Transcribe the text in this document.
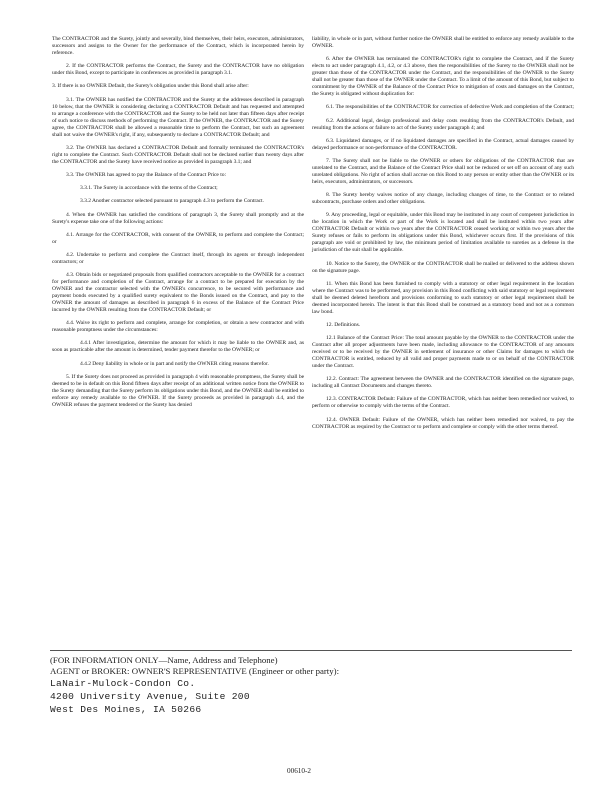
The CONTRACTOR and the Surety, jointly and severally, bind themselves, their heirs, executors, administrators, successors and assigns to the Owner for the performance of the Contract, which is incorporated herein by reference.

2. If the CONTRACTOR performs the Contract, the Surety and the CONTRACTOR have no obligation under this Bond, except to participate in conferences as provided in paragraph 3.1.

3. If there is no OWNER Default, the Surety's obligation under this Bond shall arise after:

3.1. The OWNER has notified the CONTRACTOR and the Surety at the addresses described in paragraph 10 below, that the OWNER is considering declaring a CONTRACTOR Default and has requested and attempted to arrange a conference with the CONTRACTOR and the Surety to be held not later than fifteen days after receipt of such notice to discuss methods of performing the Contract. If the OWNER, the CONTRACTOR and the Surety agree, the CONTRACTOR shall be allowed a reasonable time to perform the Contract, but such an agreement shall not waive the OWNER's right, if any, subsequently to declare a CONTRACTOR Default; and

3.2. The OWNER has declared a CONTRACTOR Default and formally terminated the CONTRACTOR's right to complete the Contract. Such CONTRACTOR Default shall not be declared earlier than twenty days after the CONTRACTOR and the Surety have received notice as provided in paragraph 3.1; and

3.3. The OWNER has agreed to pay the Balance of the Contract Price to:

3.3.1. The Surety in accordance with the terms of the Contract;

3.3.2 Another contractor selected pursuant to paragraph 4.3 to perform the Contract.

4. When the OWNER has satisfied the conditions of paragraph 3, the Surety shall promptly and at the Surety's expense take one of the following actions:

4.1. Arrange for the CONTRACTOR, with consent of the OWNER, to perform and complete the Contract; or

4.2. Undertake to perform and complete the Contract itself, through its agents or through independent contractors; or

4.3. Obtain bids or negotiated proposals from qualified contractors acceptable to the OWNER for a contract for performance and completion of the Contract, arrange for a contract to be prepared for execution by the OWNER and the contractor selected with the OWNER's concurrence, to be secured with performance and payment bonds executed by a qualified surety equivalent to the Bonds issued on the Contract, and pay to the OWNER the amount of damages as described in paragraph 6 in excess of the Balance of the Contract Price incurred by the OWNER resulting from the CONTRACTOR Default; or

4.4. Waive its right to perform and complete, arrange for completion, or obtain a new contractor and with reasonable promptness under the circumstances:

4.4.1 After investigation, determine the amount for which it may be liable to the OWNER and, as soon as practicable after the amount is determined, tender payment therefor to the OWNER; or

4.4.2 Deny liability in whole or in part and notify the OWNER citing reasons therefor.

5. If the Surety does not proceed as provided in paragraph 4 with reasonable promptness, the Surety shall be deemed to be in default on this Bond fifteen days after receipt of an additional written notice from the OWNER to the Surety demanding that the Surety perform its obligations under this Bond, and the OWNER shall be entitled to enforce any remedy available to the OWNER. If the Surety proceeds as provided in paragraph 4.4, and the OWNER refuses the payment tendered or the Surety has denied

liability, in whole or in part, without further notice the OWNER shall be entitled to enforce any remedy available to the OWNER.

6. After the OWNER has terminated the CONTRACTOR's right to complete the Contract, and if the Surety elects to act under paragraph 4.1, 4.2, or 4.3 above, then the responsibilities of the Surety to the OWNER shall not be greater than those of the CONTRACTOR under the Contract, and the responsibilities of the OWNER to the Surety shall not be greater than those of the OWNER under the Contract. To a limit of the amount of this Bond, but subject to commitment by the OWNER of the Balance of the Contract Price to mitigation of costs and damages on the Contract, the Surety is obligated without duplication for:

6.1. The responsibilities of the CONTRACTOR for correction of defective Work and completion of the Contract;

6.2. Additional legal, design professional and delay costs resulting from the CONTRACTOR's Default, and resulting from the actions or failure to act of the Surety under paragraph 4; and

6.3. Liquidated damages, or if no liquidated damages are specified in the Contract, actual damages caused by delayed performance or non-performance of the CONTRACTOR.

7. The Surety shall not be liable to the OWNER or others for obligations of the CONTRACTOR that are unrelated to the Contract, and the Balance of the Contract Price shall not be reduced or set off on account of any such unrelated obligations. No right of action shall accrue on this Bond to any person or entity other than the OWNER or its heirs, executors, administrators, or successors.

8. The Surety hereby waives notice of any change, including changes of time, to the Contract or to related subcontracts, purchase orders and other obligations.

9. Any proceeding, legal or equitable, under this Bond may be instituted in any court of competent jurisdiction in the location in which the Work or part of the Work is located and shall be instituted within two years after CONTRACTOR Default or within two years after the CONTRACTOR ceased working or within two years after the Surety refuses or fails to perform its obligations under this Bond, whichever occurs first. If the provisions of this paragraph are void or prohibited by law, the minimum period of limitation available to sureties as a defense in the jurisdiction of the suit shall be applicable.

10. Notice to the Surety, the OWNER or the CONTRACTOR shall be mailed or delivered to the address shown on the signature page.

11. When this Bond has been furnished to comply with a statutory or other legal requirement in the location where the Contract was to be performed, any provision in this Bond conflicting with said statutory or legal requirement shall be deemed deleted herefrom and provisions conforming to such statutory or other legal requirement shall be deemed incorporated herein. The intent is that this Bond shall be construed as a statutory bond and not as a common law bond.

12. Definitions.

12.1 Balance of the Contract Price: The total amount payable by the OWNER to the CONTRACTOR under the Contract after all proper adjustments have been made, including allowance to the CONTRACTOR of any amounts received or to be received by the OWNER in settlement of insurance or other Claims for damages to which the CONTRACTOR is entitled, reduced by all valid and proper payments made to or on behalf of the CONTRACTOR under the Contract.

12.2. Contract: The agreement between the OWNER and the CONTRACTOR identified on the signature page, including all Contract Documents and changes thereto.

12.3. CONTRACTOR Default: Failure of the CONTRACTOR, which has neither been remedied nor waived, to perform or otherwise to comply with the terms of the Contract.

12.4. OWNER Default: Failure of the OWNER, which has neither been remedied nor waived, to pay the CONTRACTOR as required by the Contract or to perform and complete or comply with the other terms thereof.

(FOR INFORMATION ONLY—Name, Address and Telephone)
AGENT or BROKER: OWNER'S REPRESENTATIVE (Engineer or other party):
LaNair-Mulock-Condon Co.
4200 University Avenue, Suite 200
West Des Moines, IA 50266
00610-2
